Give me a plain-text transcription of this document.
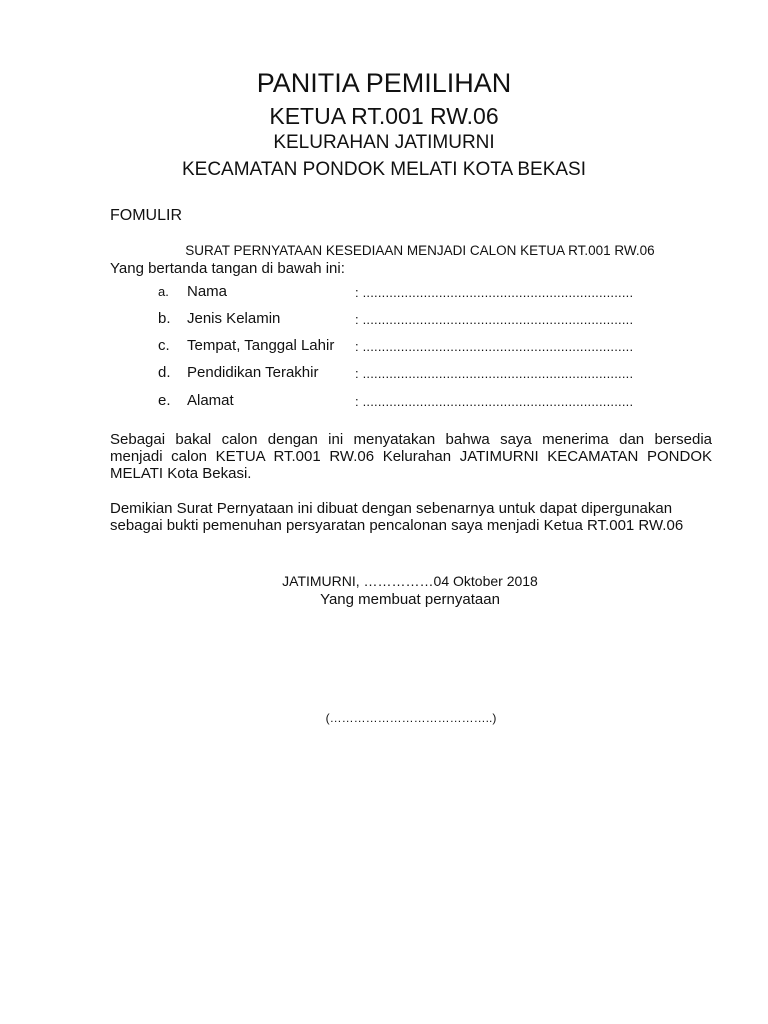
PANITIA PEMILIHAN
KETUA RT.001 RW.06
KELURAHAN JATIMURNI
KECAMATAN PONDOK MELATI KOTA BEKASI
FOMULIR
SURAT PERNYATAAN KESEDIAAN MENJADI CALON KETUA RT.001 RW.06
Yang bertanda tangan di bawah ini:
a. Nama	: .......................................................................
b. Jenis Kelamin	: .......................................................................
c. Tempat, Tanggal Lahir : .......................................................................
d. Pendidikan Terakhir	: .......................................................................
e. Alamat	: .......................................................................
Sebagai bakal calon dengan ini menyatakan bahwa saya menerima dan bersedia
menjadi calon KETUA RT.001 RW.06 Kelurahan JATIMURNI KECAMATAN PONDOK
MELATI Kota Bekasi.
Demikian Surat Pernyataan ini dibuat dengan sebenarnya untuk dapat dipergunakan
sebagai bukti pemenuhan persyaratan pencalonan saya menjadi Ketua RT.001 RW.06
JATIMURNI, ……………04 Oktober 2018
Yang membuat pernyataan
(…………………………………..)
